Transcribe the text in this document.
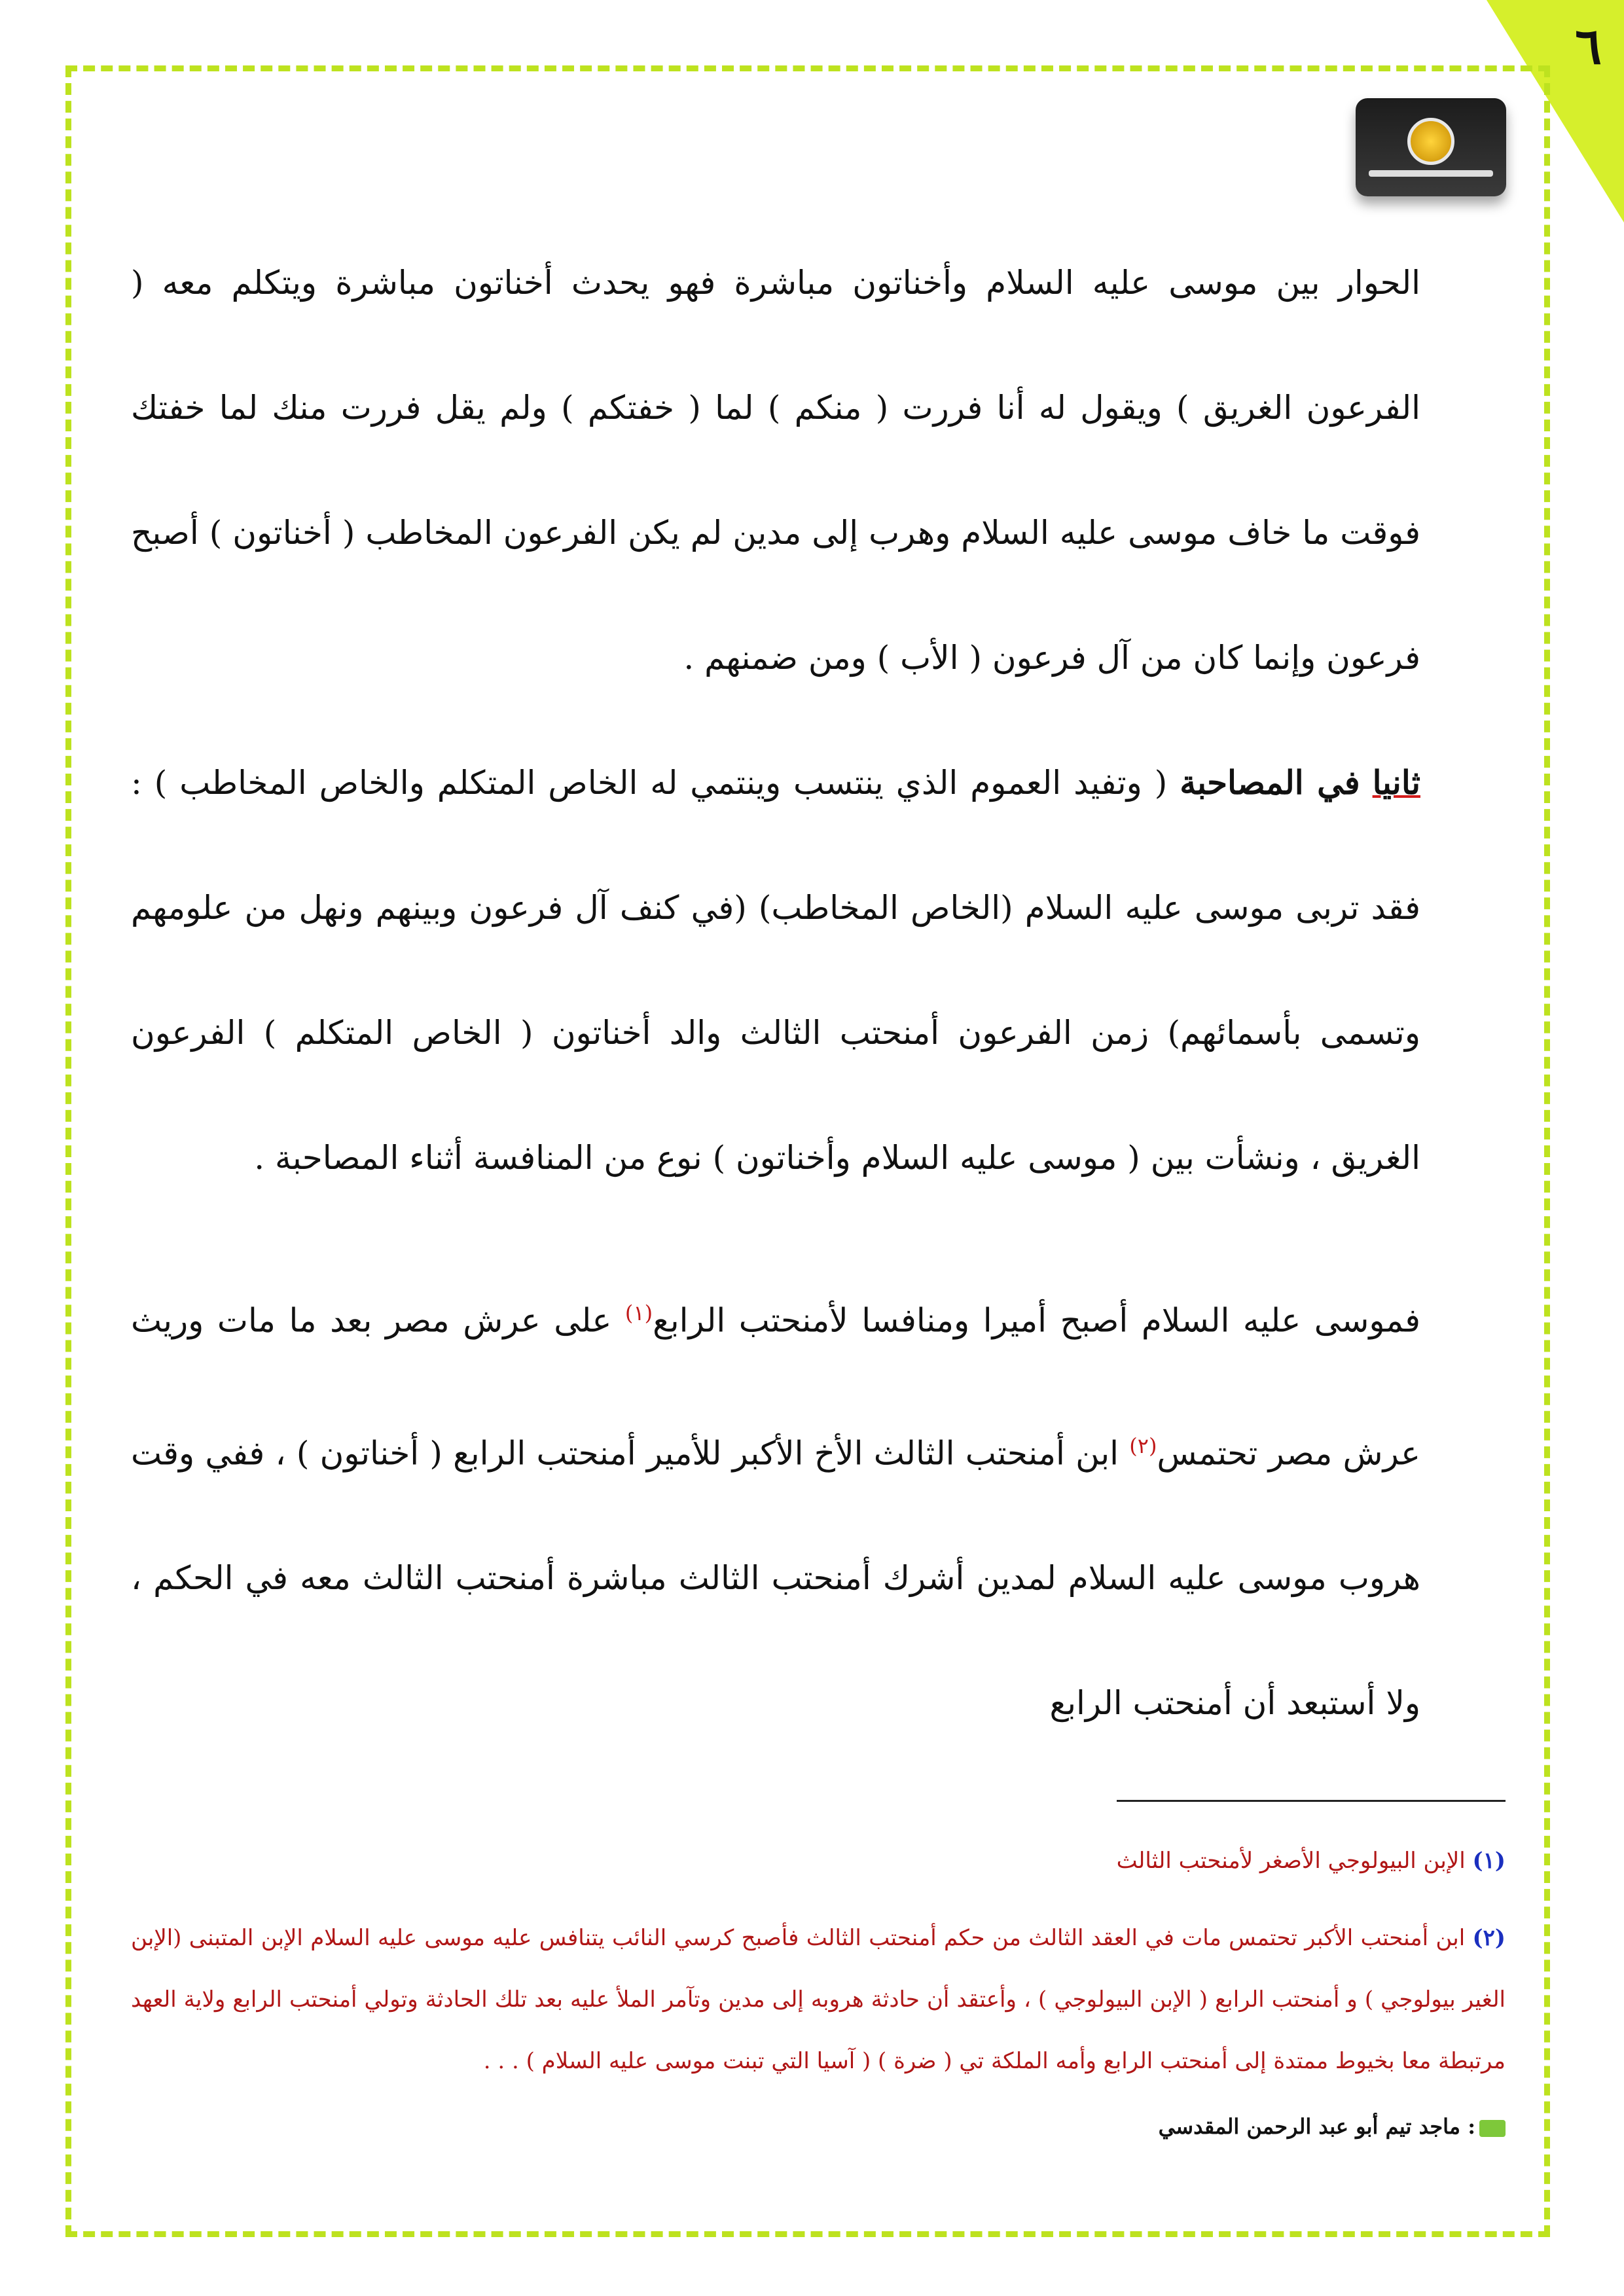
٦

الحوار بين موسى عليه السلام وأخناتون مباشرة فهو يحدث أخناتون مباشرة ويتكلم معه ( الفرعون الغريق ) ويقول له أنا فررت ( منكم ) لما ( خفتكم ) ولم يقل فررت منك لما خفتك فوقت ما خاف موسى عليه السلام وهرب إلى مدين لم يكن الفرعون المخاطب ( أخناتون ) أصبح فرعون وإنما كان من آل فرعون ( الأب ) ومن ضمنهم .

ثانيا في المصاحبة ( وتفيد العموم الذي ينتسب وينتمي له الخاص المتكلم والخاص المخاطب ) : فقد تربى موسى عليه السلام (الخاص المخاطب) (في كنف آل فرعون وبينهم ونهل من علومهم وتسمى بأسمائهم) زمن الفرعون أمنحتب الثالث والد أخناتون ( الخاص المتكلم ) الفرعون الغريق ، ونشأت بين ( موسى عليه السلام وأخناتون ) نوع من المنافسة أثناء المصاحبة .

فموسى عليه السلام أصبح أميرا ومنافسا لأمنحتب الرابع$^{(١)}$ على عرش مصر بعد ما مات وريث عرش مصر تحتمس$^{(٢)}$ ابن أمنحتب الثالث الأخ الأكبر للأمير أمنحتب الرابع ( أخناتون ) ، ففي وقت هروب موسى عليه السلام لمدين أشرك أمنحتب الثالث مباشرة أمنحتب الثالث معه في الحكم ، ولا أستبعد أن أمنحتب الرابع

(١) الإبن البيولوجي الأصغر لأمنحتب الثالث
(٢) ابن أمنحتب الأكبر تحتمس مات في العقد الثالث من حكم أمنحتب الثالث فأصبح كرسي النائب يتنافس عليه موسى عليه السلام الإبن المتبنى (الإبن الغير بيولوجي ) و أمنحتب الرابع ( الإبن البيولوجي ) ، وأعتقد أن حادثة هروبه إلى مدين وتآمر الملأ عليه بعد تلك الحادثة وتولي أمنحتب الرابع ولاية العهد مرتبطة معا بخيوط ممتدة إلى أمنحتب الرابع وأمه الملكة تي ( ضرة ) ( آسيا التي تبنت موسى عليه السلام ) . . .
: ماجد تيم أبو عبد الرحمن المقدسي
